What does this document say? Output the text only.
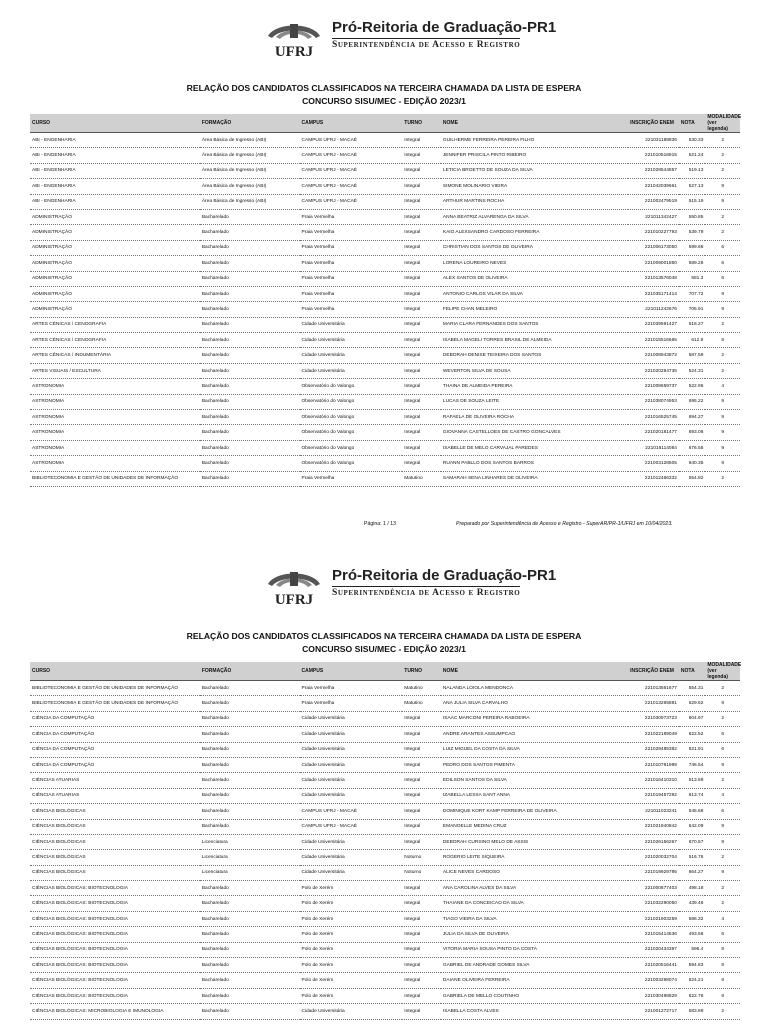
UFRJ
Pró-Reitoria de Graduação-PR1
Superintendência de Acesso e Registro
RELAÇÃO DOS CANDIDATOS CLASSIFICADOS NA TERCEIRA CHAMADA DA LISTA DE ESPERA
CONCURSO SISU/MEC - EDIÇÃO 2023/1
CURSO	FORMAÇÃO	CAMPUS	TURNO	NOME	INSCRIÇÃO ENEM	NOTA	MODALIDADE
(ver legenda)
ABI - ENGENHARIA	Área Básica de Ingresso (ABI)	CAMPUS UFRJ - MACAÉ	Integral	GUILHERME FERREIRA PEREIRA FILHO	221031188836	530.33	2
ABI - ENGENHARIA	Área Básica de Ingresso (ABI)	CAMPUS UFRJ - MACAÉ	Integral	JENNIFER PRISCILA PINTO RIBEIRO	221010516815	521.24	2
ABI - ENGENHARIA	Área Básica de Ingresso (ABI)	CAMPUS UFRJ - MACAÉ	Integral	LETICIA BROETTO DE SOUZA DA SILVA	221028544857	519.13	2
ABI - ENGENHARIA	Área Básica de Ingresso (ABI)	CAMPUS UFRJ - MACAÉ	Integral	SIMONE MOLINARIO VIEIRA	221042039661	527.13	9
ABI - ENGENHARIA	Área Básica de Ingresso (ABI)	CAMPUS UFRJ - MACAÉ	Integral	ARTHUR MARTINS ROCHA	221002479519	515.19	9
ADMINISTRAÇÃO	Bacharelado	Praia Vermelha	Integral	ANNA BEATRIZ ALVARENGA DA SILVA	221011342427	550.85	2
ADMINISTRAÇÃO	Bacharelado	Praia Vermelha	Integral	KAIO ALEXSANDRO CARDOSO FERREIRA	221010227793	539.79	2
ADMINISTRAÇÃO	Bacharelado	Praia Vermelha	Integral	CHRISTIAN DOS SANTOS DE OLIVEIRA	221006173050	599.68	6
ADMINISTRAÇÃO	Bacharelado	Praia Vermelha	Integral	LORENA LOUREIRO NEVES	221009001860	589.28	6
ADMINISTRAÇÃO	Bacharelado	Praia Vermelha	Integral	ALEX SANTOS DE OLIVEIRA	221013576048	581.3	6
ADMINISTRAÇÃO	Bacharelado	Praia Vermelha	Integral	ANTONIO CARLOS VILAR DA SILVA	221035171414	707.72	9
ADMINISTRAÇÃO	Bacharelado	Praia Vermelha	Integral	FELIPE CHAN MELEIRO	221011242676	705.91	9
ARTES CÊNICAS / CENOGRAFIA	Bacharelado	Cidade Universitária	Integral	MARIA CLARA FERNANDES DOS SANTOS	221039591427	518.27	2
ARTES CÊNICAS / CENOGRAFIA	Bacharelado	Cidade Universitária	Integral	ISABELA MAGELI TORRES BRASIL DE ALMEIDA	221015516695	612.9	8
ARTES CÊNICAS / INDUMENTÁRIA	Bacharelado	Cidade Universitária	Integral	DEBORAH DENISE TEIXEIRA DOS SANTOS	221008943872	587.59	2
ARTES VISUAIS / ESCULTURA	Bacharelado	Cidade Universitária	Integral	WEVERTON SILVA DE SOUSA	221020284735	524.31	2
ASTRONOMIA	Bacharelado	Observatório do Valongo	Integral	THAINA DE ALMEIDA PEREIRA	221008659737	522.96	4
ASTRONOMIA	Bacharelado	Observatório do Valongo	Integral	LUCAS DE SOUZA LEITE	221038074953	695.22	9
ASTRONOMIA	Bacharelado	Observatório do Valongo	Integral	RAFAELA DE OLIVEIRA ROCHA	221016525745	694.27	9
ASTRONOMIA	Bacharelado	Observatório do Valongo	Integral	GIOVANNA CASTELLOES DE CASTRO GONCALVES	221020181477	693.08	9
ASTRONOMIA	Bacharelado	Observatório do Valongo	Integral	ISABELLE DE MELO CARVAJAL PAREDES	221018114084	676.55	9
ASTRONOMIA	Bacharelado	Observatório do Valongo	Integral	RUANN PABLLO DOS SANTOS BARROS	221003128505	640.35	9
BIBLIOTECONOMIA E GESTÃO DE UNIDADES DE INFORMAÇÃO	Bacharelado	Praia Vermelha	Matutino	SAMARAH SENA LINHARES DE OLIVEIRA	221012466332	554.82	2
Página: 1 / 13	Preparado por Superintendência de Acesso e Registro - SuperAR/PR-1/UFRJ em 10/04/2023.
UFRJ
Pró-Reitoria de Graduação-PR1
Superintendência de Acesso e Registro
RELAÇÃO DOS CANDIDATOS CLASSIFICADOS NA TERCEIRA CHAMADA DA LISTA DE ESPERA
CONCURSO SISU/MEC - EDIÇÃO 2023/1
CURSO	FORMAÇÃO	CAMPUS	TURNO	NOME	INSCRIÇÃO ENEM	NOTA	MODALIDADE
(ver legenda)
BIBLIOTECONOMIA E GESTÃO DE UNIDADES DE INFORMAÇÃO	Bacharelado	Praia Vermelha	Matutino	NALANDA LOIOLA MENDONCA	221013561677	554.31	2
BIBLIOTECONOMIA E GESTÃO DE UNIDADES DE INFORMAÇÃO	Bacharelado	Praia Vermelha	Matutino	ANA JULIA SILVA CARVALHO	221013265881	629.62	9
CIÊNCIA DA COMPUTAÇÃO	Bacharelado	Cidade Universitária	Integral	ISAAC MARCONI PEREIRA RABOEIRA	221030973723	604.67	2
CIÊNCIA DA COMPUTAÇÃO	Bacharelado	Cidade Universitária	Integral	ANDRE ARANTES ASSUMPCAO	221022189049	622.52	6
CIÊNCIA DA COMPUTAÇÃO	Bacharelado	Cidade Universitária	Integral	LUIZ MIGUEL DA COSTA DA SILVA	221029485382	621.91	6
CIÊNCIA DA COMPUTAÇÃO	Bacharelado	Cidade Universitária	Integral	PEDRO DOS SANTOS PIMENTA	221010781989	746.54	9
CIÊNCIAS ATUARIAS	Bacharelado	Cidade Universitária	Integral	EDILSON SANTOS DA SILVA	221016410310	513.89	2
CIÊNCIAS ATUARIAS	Bacharelado	Cidade Universitária	Integral	IZABELLA LESSA SANT ANNA	221019457292	613.74	4
CIÊNCIAS BIOLÓGICAS	Bacharelado	CAMPUS UFRJ - MACAÉ	Integral	DOMINIQUE KORT KAMP FERREIRA DE OLIVEIRA	221011023241	545.68	6
CIÊNCIAS BIOLÓGICAS	Bacharelado	CAMPUS UFRJ - MACAÉ	Integral	EMANOELLE MEDINA CRUZ	221021940842	642.09	9
CIÊNCIAS BIOLÓGICAS	Licenciatura	Cidade Universitária	Integral	DEBORAH CURSINO MELO DE ASSIS	221026156267	670.57	9
CIÊNCIAS BIOLÓGICAS	Licenciatura	Cidade Universitária	Noturno	ROGERIO LEITE SIQUEIRA	221020032704	516.76	2
CIÊNCIAS BIOLÓGICAS	Licenciatura	Cidade Universitária	Noturno	ALICE NEVES CARDOSO	221019929795	664.27	9
CIÊNCIAS BIOLÓGICAS: BIOTECNOLOGIA	Bacharelado	Polo de Xerém	Integral	ANA CAROLINA ALVES DA SILVA	221000677403	498.18	2
CIÊNCIAS BIOLÓGICAS: BIOTECNOLOGIA	Bacharelado	Polo de Xerém	Integral	THAIANE DA CONCEICAO DA SILVA	221032290050	439.46	2
CIÊNCIAS BIOLÓGICAS: BIOTECNOLOGIA	Bacharelado	Polo de Xerém	Integral	TIAGO VIEIRA DA SILVA	221021903259	586.32	4
CIÊNCIAS BIOLÓGICAS: BIOTECNOLOGIA	Bacharelado	Polo de Xerém	Integral	JULIA DA SILVA DE OLIVEIRA	221015414636	493.58	6
CIÊNCIAS BIOLÓGICAS: BIOTECNOLOGIA	Bacharelado	Polo de Xerém	Integral	VITORIA MARIA SOUSA PINTO DA COSTA	221020434397	596.4	8
CIÊNCIAS BIOLÓGICAS: BIOTECNOLOGIA	Bacharelado	Polo de Xerém	Integral	GABRIEL DE ANDRADE GOMES SILVA	221020516441	594.83	8
CIÊNCIAS BIOLÓGICAS: BIOTECNOLOGIA	Bacharelado	Polo de Xerém	Integral	DAIANE OLIVEIRA FERREIRA	221003298074	624.21	9
CIÊNCIAS BIOLÓGICAS: BIOTECNOLOGIA	Bacharelado	Polo de Xerém	Integral	GABRIELA DE MELLO COUTINHO	221030498829	622.78	9
CIÊNCIAS BIOLÓGICAS: MICROBIOLOGIA E IMUNOLOGIA	Bacharelado	Cidade Universitária	Integral	ISABELLA COSTA ALVES	221001272717	583.89	2
